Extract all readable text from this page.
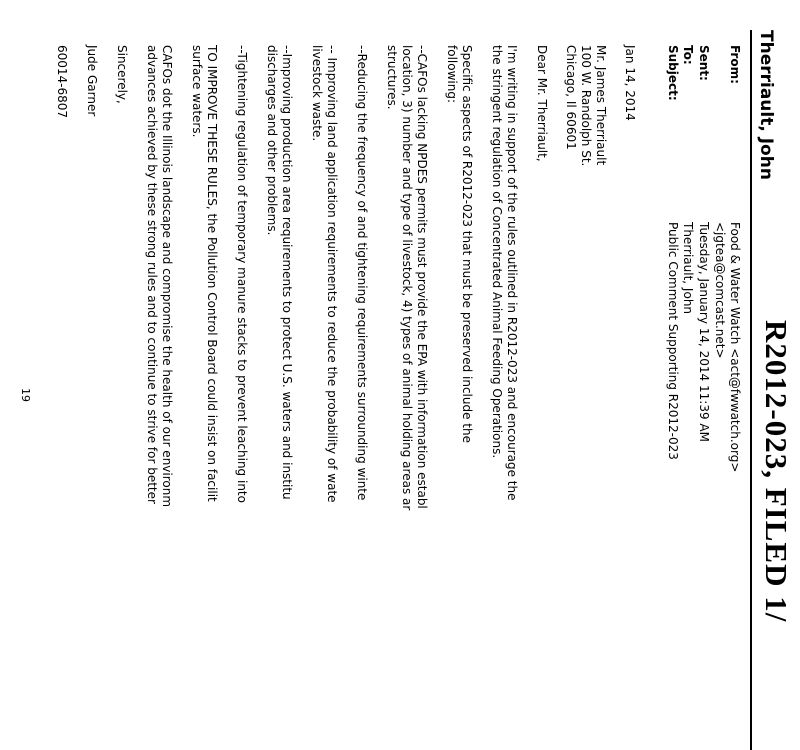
R2012-023, FILED 1/
Therriault, John
From:
Food & Water Watch <act@fwwatch.org>
<jgtea@comcast.net>
Sent:
Tuesday, January 14, 2014 11:39 AM
To:
Therriault, John
Subject:
Public Comment Supporting R2012-023
Jan 14, 2014
Mr. James Therriault
100 W. Randolph St.
Chicago, Il 60601
Dear Mr. Therriault,
I'm writing in support of the rules outlined in R2012-023 and encourage the
the stringent regulation of Concentrated Animal Feeding Operations.
Specific aspects of R2012-023 that must be preserved include the
following:
--CAFOs lacking NPDES permits must provide the EPA with information establ
location, 3) number and type of livestock, 4) types of animal holding areas ar
structures.
--Reducing the frequency of and tightening requirements surrounding winte
-- Improving land application requirements to reduce the probability of wate
livestock waste.
--Improving production area requirements to protect U.S. waters and institu
discharges and other problems.
--Tightening regulation of temporary manure stacks to prevent leaching into
TO IMPROVE THESE RULES, the Pollution Control Board could insist on facilit
surface waters.
CAFOs dot the Illinois landscape and compromise the health of our environm
advances achieved by these strong rules and to continue to strive for better
Sincerely,
Jude Garner
60014-6807
19
